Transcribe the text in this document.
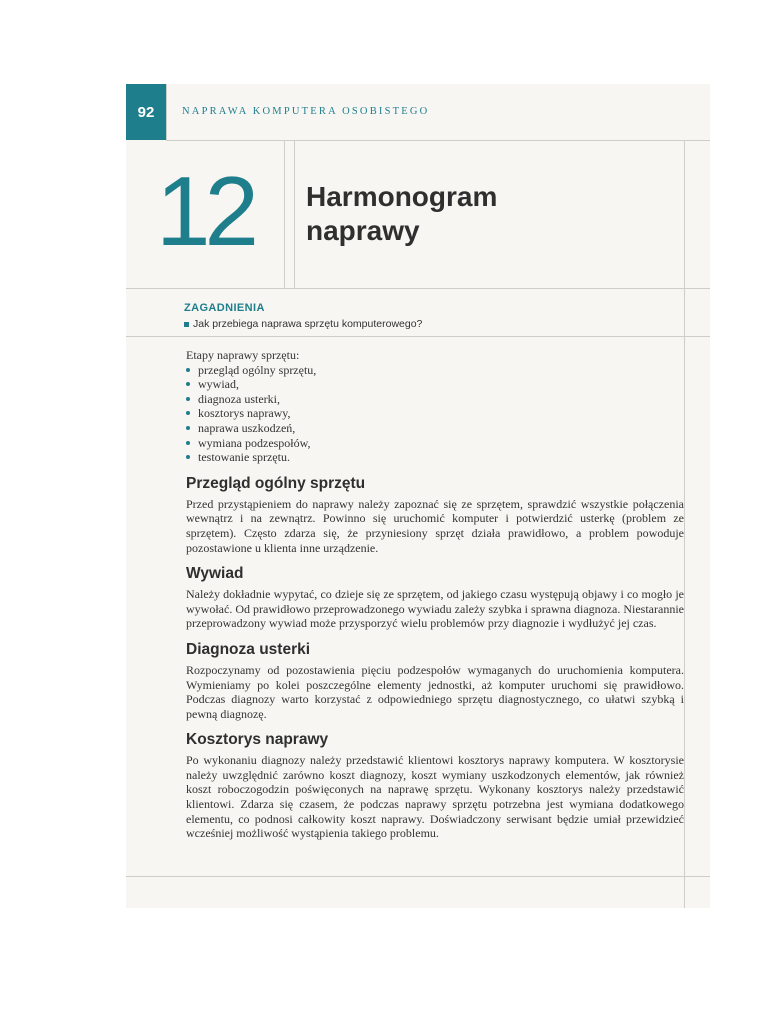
92	NAPRAWA KOMPUTERA OSOBISTEGO
12 Harmonogram naprawy
ZAGADNIENIA
Jak przebiega naprawa sprzętu komputerowego?

Etapy naprawy sprzętu:

przegląd ogólny sprzętu,
wywiad,
diagnoza usterki,
kosztorys naprawy,
naprawa uszkodzeń,
wymiana podzespołów,
testowanie sprzętu.
Przegląd ogólny sprzętu

Przed przystąpieniem do naprawy należy zapoznać się ze sprzętem, sprawdzić wszystkie połączenia wewnątrz i na zewnątrz. Powinno się uruchomić komputer i potwierdzić usterkę (problem ze sprzętem). Często zdarza się, że przyniesiony sprzęt działa prawidłowo, a problem powoduje pozostawione u klienta inne urządzenie.

Wywiad

Należy dokładnie wypytać, co dzieje się ze sprzętem, od jakiego czasu występują objawy i co mogło je wywołać. Od prawidłowo przeprowadzonego wywiadu zależy szybka i sprawna diagnoza. Niestarannie przeprowadzony wywiad może przysporzyć wielu problemów przy diagnozie i wydłużyć jej czas.

Diagnoza usterki

Rozpoczynamy od pozostawienia pięciu podzespołów wymaganych do uruchomienia komputera. Wymieniamy po kolei poszczególne elementy jednostki, aż komputer uruchomi się prawidłowo. Podczas diagnozy warto korzystać z odpowiedniego sprzętu diagnostycznego, co ułatwi szybką i pewną diagnozę.

Kosztorys naprawy

Po wykonaniu diagnozy należy przedstawić klientowi kosztorys naprawy komputera. W kosztorysie należy uwzględnić zarówno koszt diagnozy, koszt wymiany uszkodzonych elementów, jak również koszt roboczogodzin poświęconych na naprawę sprzętu. Wykonany kosztorys należy przedstawić klientowi. Zdarza się czasem, że podczas naprawy sprzętu potrzebna jest wymiana dodatkowego elementu, co podnosi całkowity koszt naprawy. Doświadczony serwisant będzie umiał przewidzieć wcześniej możliwość wystąpienia takiego problemu.
